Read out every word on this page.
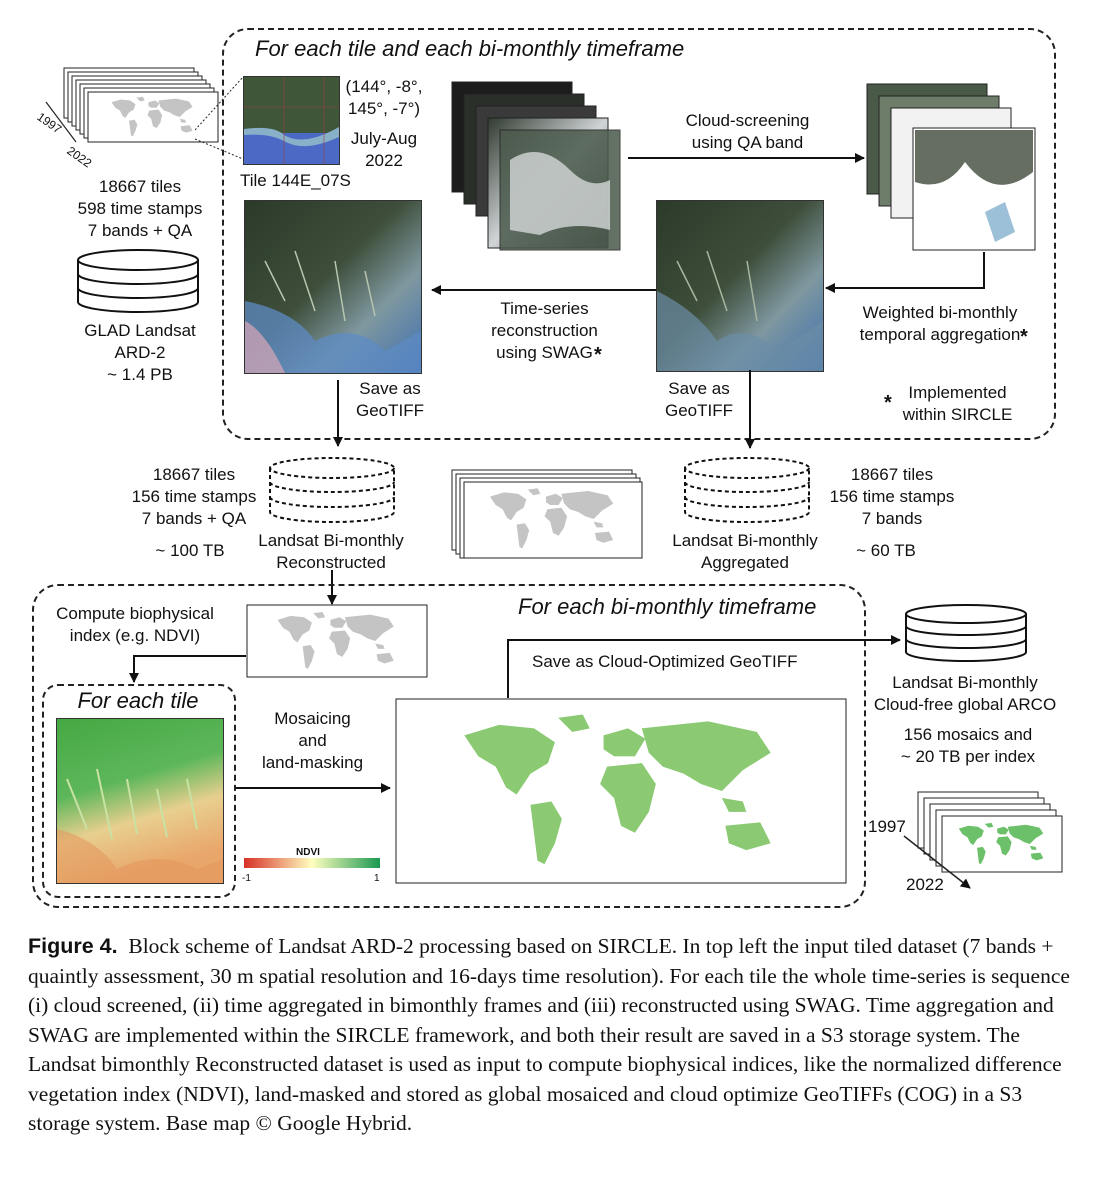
For each tile and each bi-monthly timeframe
1997
2022
(144°, -8°,
145°, -7°)
July-Aug
2022
Tile 144E_07S
18667 tiles
598 time stamps
7 bands + QA
GLAD Landsat
ARD-2
~ 1.4 PB
Cloud-screening
using QA band
Weighted bi-monthly
temporal aggregation *
Time-series
reconstruction
using SWAG *
Save as
GeoTIFF
Save as
GeoTIFF	* Implemented
within SIRCLE
18667 tiles
156 time stamps
7 bands + QA
~ 100 TB
Landsat Bi-monthly
Reconstructed
Landsat Bi-monthly
Aggregated
18667 tiles
156 time stamps
7 bands
~ 60 TB
For each bi-monthly timeframe
Compute biophysical
index (e.g. NDVI)
For each tile
Mosaicing
and
land-masking
NDVI
-1	1
Save as Cloud-Optimized GeoTIFF
Landsat Bi-monthly
Cloud-free global ARCO
156 mosaics and
~ 20 TB per index
1997
2022
Figure 4. Block scheme of Landsat ARD-2 processing based on SIRCLE. In top left the input tiled dataset (7 bands + quaintly assessment, 30 m spatial resolution and 16-days time resolution). For each tile the whole time-series is sequence (i) cloud screened, (ii) time aggregated in bimonthly frames and (iii) reconstructed using SWAG. Time aggregation and SWAG are implemented within the SIRCLE framework, and both their result are saved in a S3 storage system. The Landsat bimonthly Reconstructed dataset is used as input to compute biophysical indices, like the normalized difference vegetation index (NDVI), land-masked and stored as global mosaiced and cloud optimize GeoTIFFs (COG) in a S3 storage system. Base map © Google Hybrid.
